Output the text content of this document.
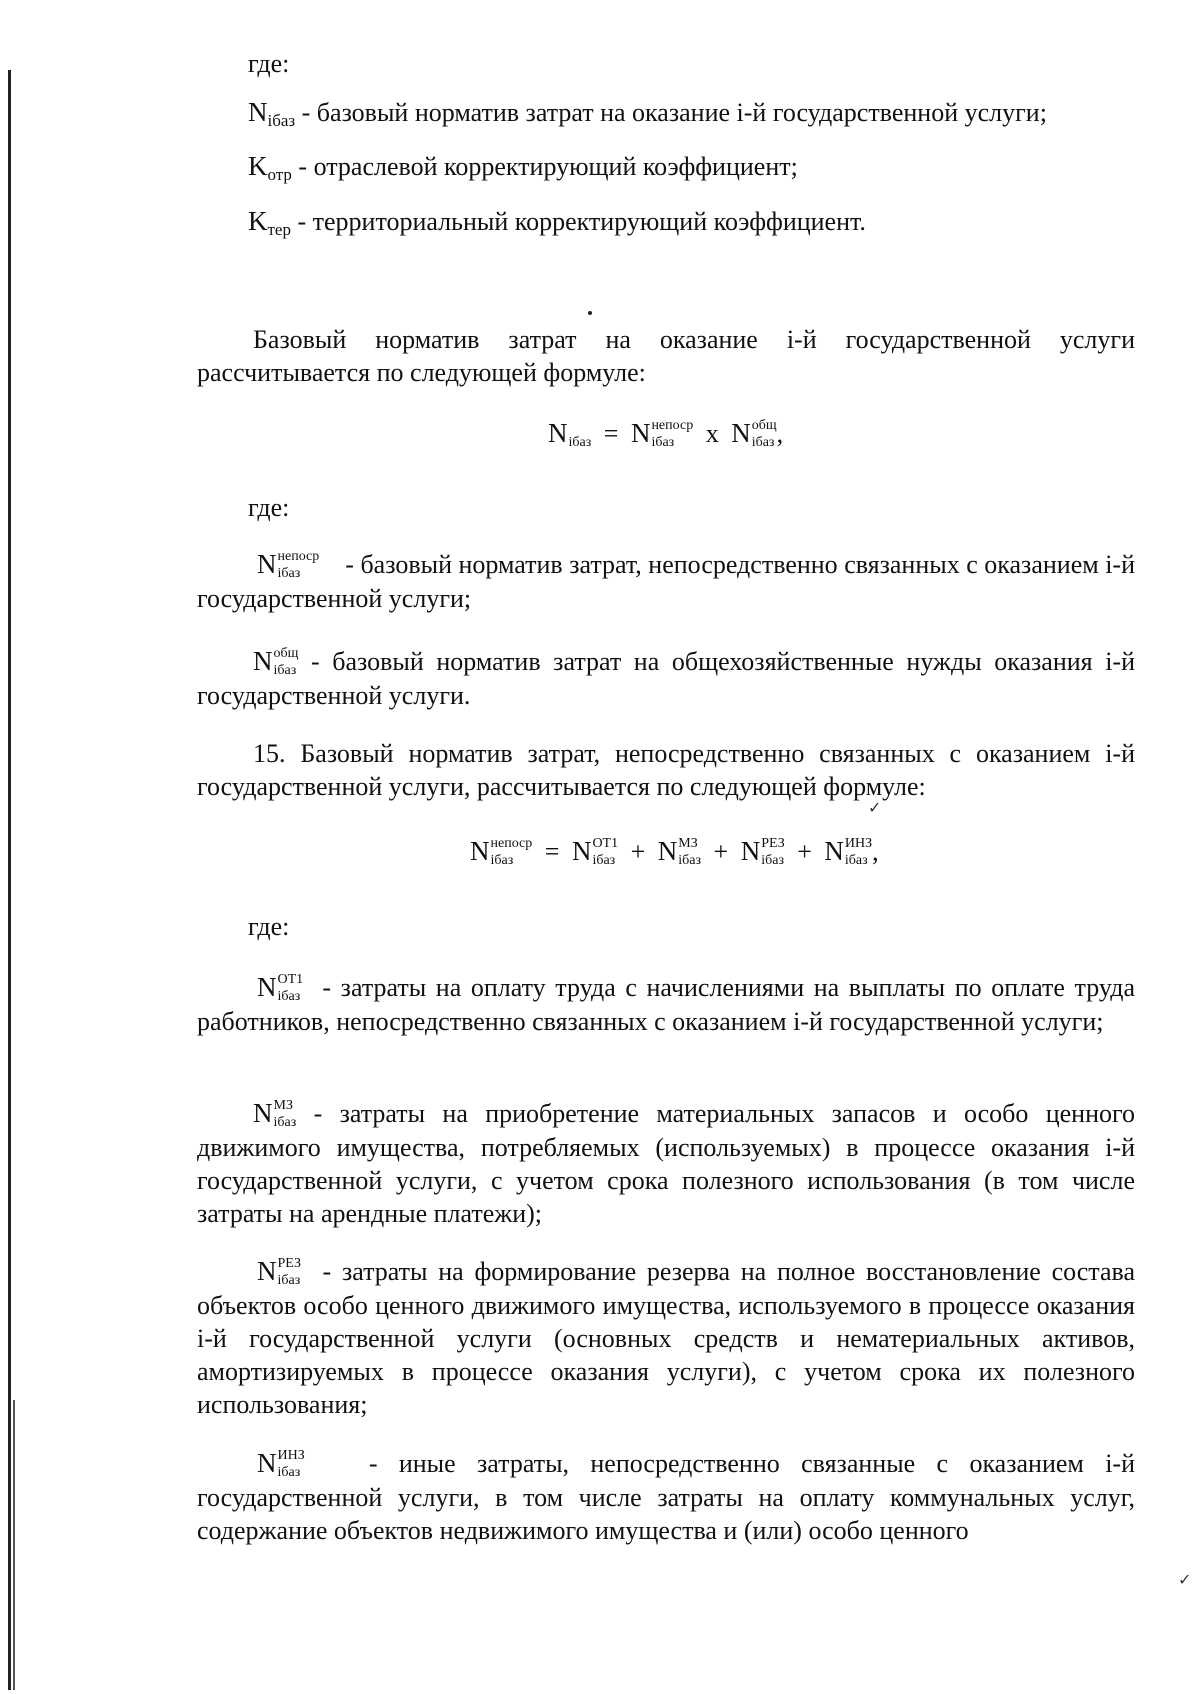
где:

Niбаз - базовый норматив затрат на оказание i-й государственной услуги;

Kотр - отраслевой корректирующий коэффициент;

Kтер - территориальный корректирующий коэффициент.

Базовый норматив затрат на оказание i-й государственной услуги рассчитывается по следующей формуле:

N
iбаз = N непоср
iбаз	x N общ
iбаз ,

где:

N непоср
iбаз	- базовый норматив затрат, непосредственно связанных с оказанием i-й государственной услуги;

N общ
iбаз - базовый норматив затрат на общехозяйственные нужды оказания i-й государственной услуги.

15. Базовый норматив затрат, непосредственно связанных с оказанием i-й государственной услуги, рассчитывается по следующей формуле:

✓
N непоср
iбаз	= N ОТ1
iбаз + N МЗ
iбаз + N РЕЗ
iбаз + N ИНЗ
iбаз ,

где:

N ОТ1
iбаз - затраты на оплату труда с начислениями на выплаты по оплате труда работников, непосредственно связанных с оказанием i-й государственной услуги;

N МЗ
iбаз - затраты на приобретение материальных запасов и особо ценного движимого имущества, потребляемых (используемых) в процессе оказания i-й государственной услуги, с учетом срока полезного использования (в том числе затраты на арендные платежи);

N РЕЗ
iбаз - затраты на формирование резерва на полное восстановление состава объектов особо ценного движимого имущества, используемого в процессе оказания i-й государственной услуги (основных средств и нематериальных активов, амортизируемых в процессе оказания услуги), с учетом срока их полезного использования;

N ИНЗ
iбаз	- иные затраты, непосредственно связанные с оказанием i-й государственной услуги, в том числе затраты на оплату коммунальных услуг, содержание объектов недвижимого имущества и (или) особо ценного

✓
